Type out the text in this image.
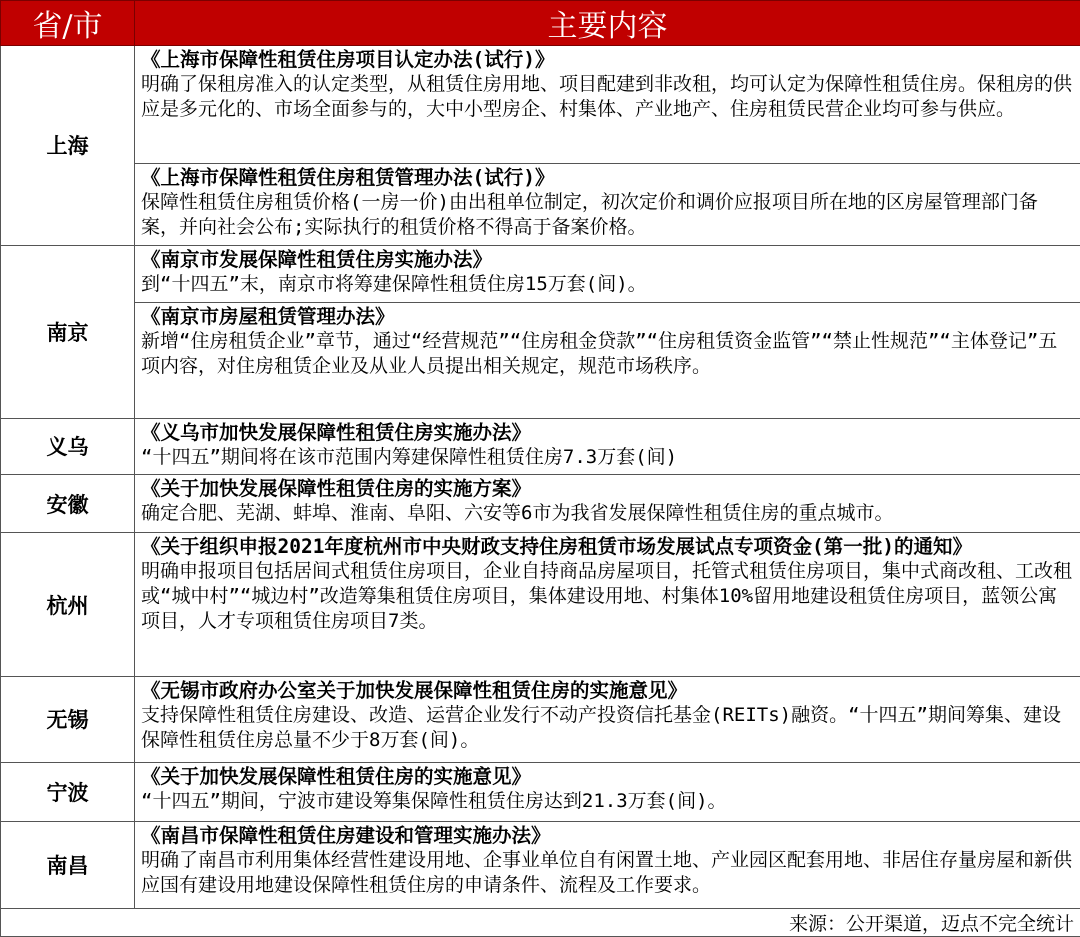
省/市	主要内容
上海	《上海市保障性租赁住房项目认定办法(试行)》
明确了保租房准入的认定类型，从租赁住房用地、项目配建到非改租，均可认定为保障性租赁住房。保租房的供应是多元化的、市场全面参与的，大中小型房企、村集体、产业地产、住房租赁民营企业均可参与供应。

	《上海市保障性租赁住房租赁管理办法(试行)》
保障性租赁住房租赁价格(一房一价)由出租单位制定，初次定价和调价应报项目所在地的区房屋管理部门备案，并向社会公布;实际执行的租赁价格不得高于备案价格。

南京	《南京市发展保障性租赁住房实施办法》
到“十四五”末，南京市将筹建保障性租赁住房15万套(间)。

	《南京市房屋租赁管理办法》
新增“住房租赁企业”章节，通过“经营规范”“住房租金贷款”“住房租赁资金监管”“禁止性规范”“主体登记”五项内容，对住房租赁企业及从业人员提出相关规定，规范市场秩序。

义乌	《义乌市加快发展保障性租赁住房实施办法》
“十四五”期间将在该市范围内筹建保障性租赁住房7.3万套(间)

安徽	《关于加快发展保障性租赁住房的实施方案》
确定合肥、芜湖、蚌埠、淮南、阜阳、六安等6市为我省发展保障性租赁住房的重点城市。

杭州	《关于组织申报2021年度杭州市中央财政支持住房租赁市场发展试点专项资金(第一批)的通知》
明确申报项目包括居间式租赁住房项目，企业自持商品房屋项目，托管式租赁住房项目，集中式商改租、工改租或“城中村”“城边村”改造筹集租赁住房项目，集体建设用地、村集体10%留用地建设租赁住房项目，蓝领公寓项目，人才专项租赁住房项目7类。

无锡	《无锡市政府办公室关于加快发展保障性租赁住房的实施意见》
支持保障性租赁住房建设、改造、运营企业发行不动产投资信托基金(REITs)融资。“十四五”期间筹集、建设保障性租赁住房总量不少于8万套(间)。

宁波	《关于加快发展保障性租赁住房的实施意见》
“十四五”期间，宁波市建设筹集保障性租赁住房达到21.3万套(间)。

南昌	《南昌市保障性租赁住房建设和管理实施办法》
明确了南昌市利用集体经营性建设用地、企事业单位自有闲置土地、产业园区配套用地、非居住存量房屋和新供应国有建设用地建设保障性租赁住房的申请条件、流程及工作要求。

来源：公开渠道，迈点不完全统计	
